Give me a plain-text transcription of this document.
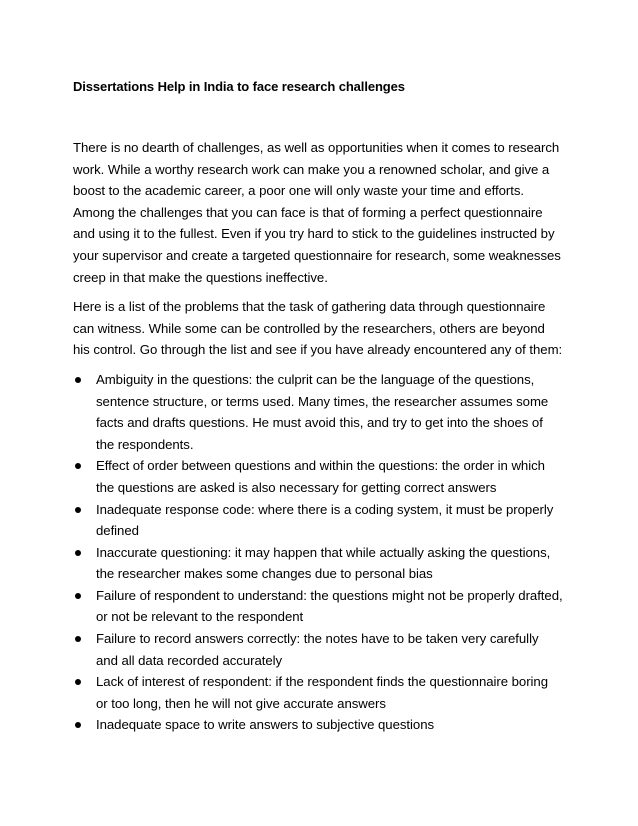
Dissertations Help in India to face research challenges

There is no dearth of challenges, as well as opportunities when it comes to research work. While a worthy research work can make you a renowned scholar, and give a boost to the academic career, a poor one will only waste your time and efforts. Among the challenges that you can face is that of forming a perfect questionnaire and using it to the fullest. Even if you try hard to stick to the guidelines instructed by your supervisor and create a targeted questionnaire for research, some weaknesses creep in that make the questions ineffective.

Here is a list of the problems that the task of gathering data through questionnaire can witness. While some can be controlled by the researchers, others are beyond his control. Go through the list and see if you have already encountered any of them:

Ambiguity in the questions: the culprit can be the language of the questions, sentence structure, or terms used. Many times, the researcher assumes some facts and drafts questions. He must avoid this, and try to get into the shoes of the respondents.
Effect of order between questions and within the questions: the order in which the questions are asked is also necessary for getting correct answers
Inadequate response code: where there is a coding system, it must be properly defined
Inaccurate questioning: it may happen that while actually asking the questions, the researcher makes some changes due to personal bias
Failure of respondent to understand: the questions might not be properly drafted, or not be relevant to the respondent
Failure to record answers correctly: the notes have to be taken very carefully and all data recorded accurately
Lack of interest of respondent: if the respondent finds the questionnaire boring or too long, then he will not give accurate answers
Inadequate space to write answers to subjective questions
